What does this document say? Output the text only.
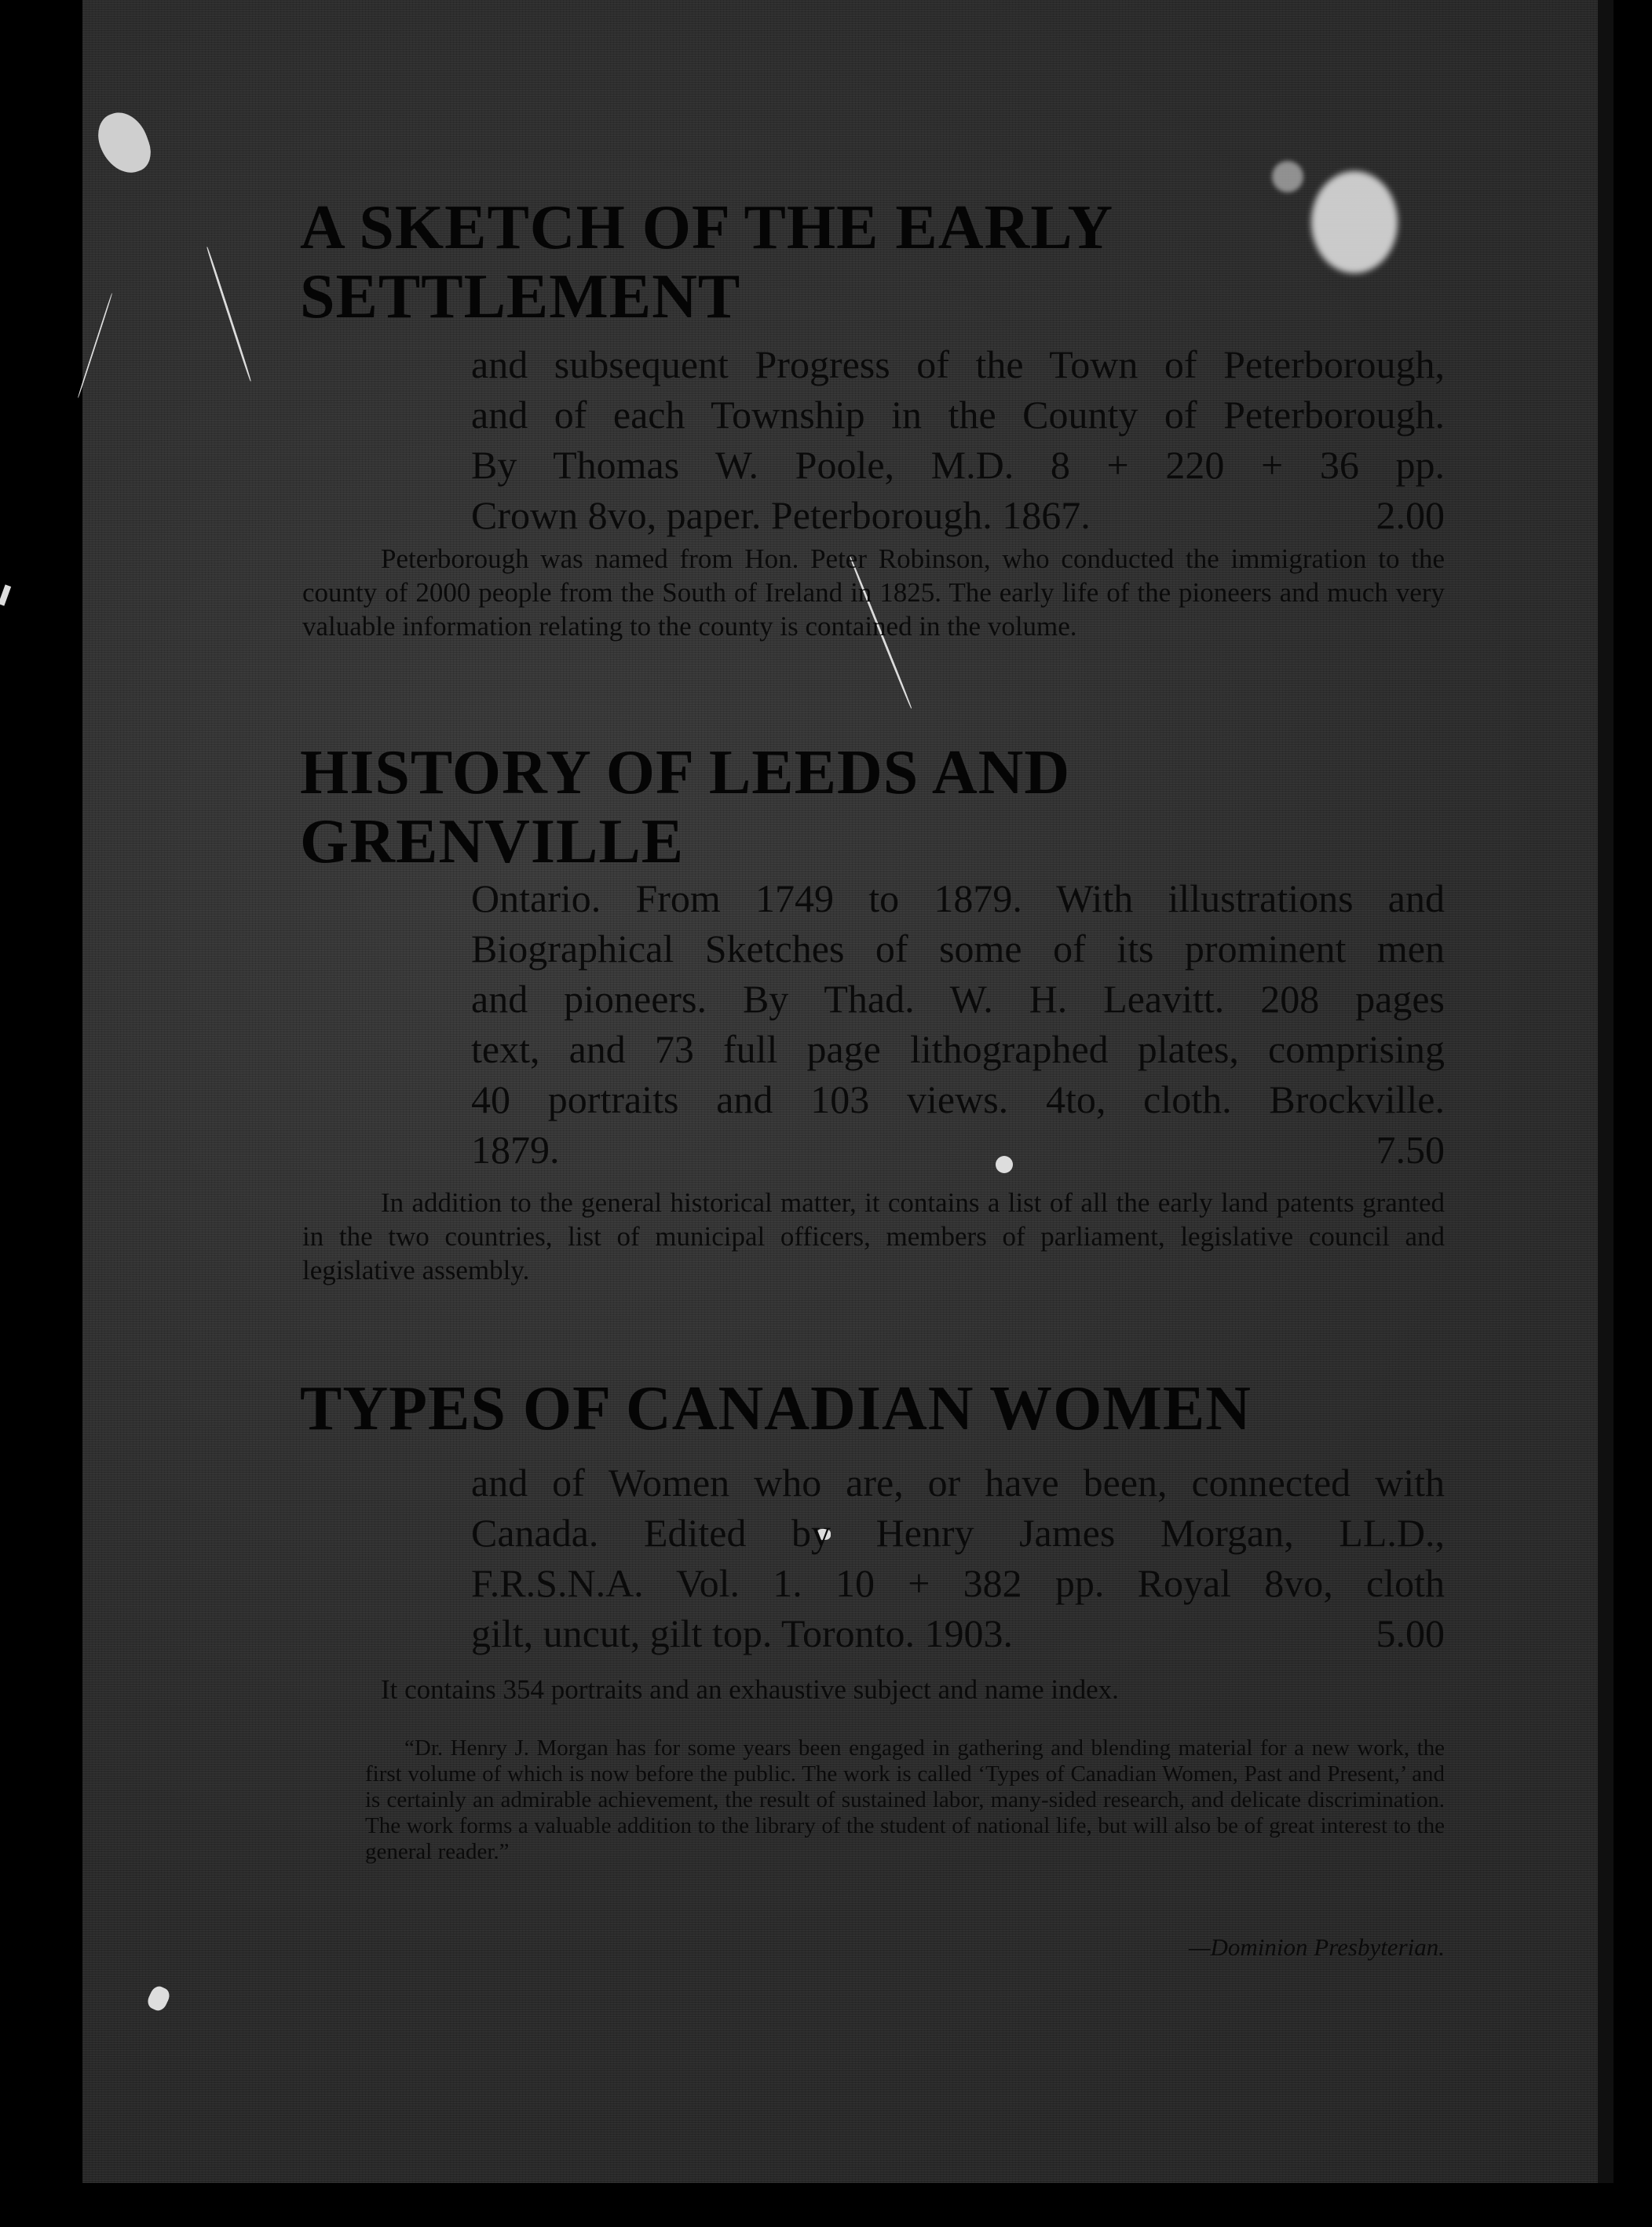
A SKETCH OF THE EARLY
SETTLEMENT
and subsequent Progress of the Town of Peterborough,
and of each Township in the County of Peterborough.
By Thomas W. Poole, M.D. 8 + 220 + 36 pp.
Crown 8vo, paper. Peterborough. 1867.	2.00

Peterborough was named from Hon. Peter Robinson, who conducted the immigration to the county of 2000 people from the South of Ireland in 1825. The early life of the pioneers and much very valuable information relating to the county is contained in the volume.

HISTORY OF LEEDS AND
GRENVILLE
Ontario. From 1749 to 1879. With illustrations and
Biographical Sketches of some of its prominent men
and pioneers. By Thad. W. H. Leavitt. 208 pages
text, and 73 full page lithographed plates, comprising
40 portraits and 103 views. 4to, cloth. Brockville.
1879.	7.50

In addition to the general historical matter, it contains a list of all the early land patents granted in the two countries, list of municipal officers, members of parliament, legislative council and legislative assembly.

TYPES OF CANADIAN WOMEN
and of Women who are, or have been, connected with
Canada. Edited by Henry James Morgan, LL.D.,
F.R.S.N.A. Vol. 1. 10 + 382 pp. Royal 8vo, cloth
gilt, uncut, gilt top. Toronto. 1903.	5.00

It contains 354 portraits and an exhaustive subject and name index.

“Dr. Henry J. Morgan has for some years been engaged in gathering and blending material for a new work, the first volume of which is now before the public. The work is called ‘Types of Canadian Women, Past and Present,’ and is certainly an admirable achievement, the result of sustained labor, many-sided research, and delicate discrimination. The work forms a valuable addition to the library of the student of national life, but will also be of great interest to the general reader.”

—Dominion Presbyterian.
